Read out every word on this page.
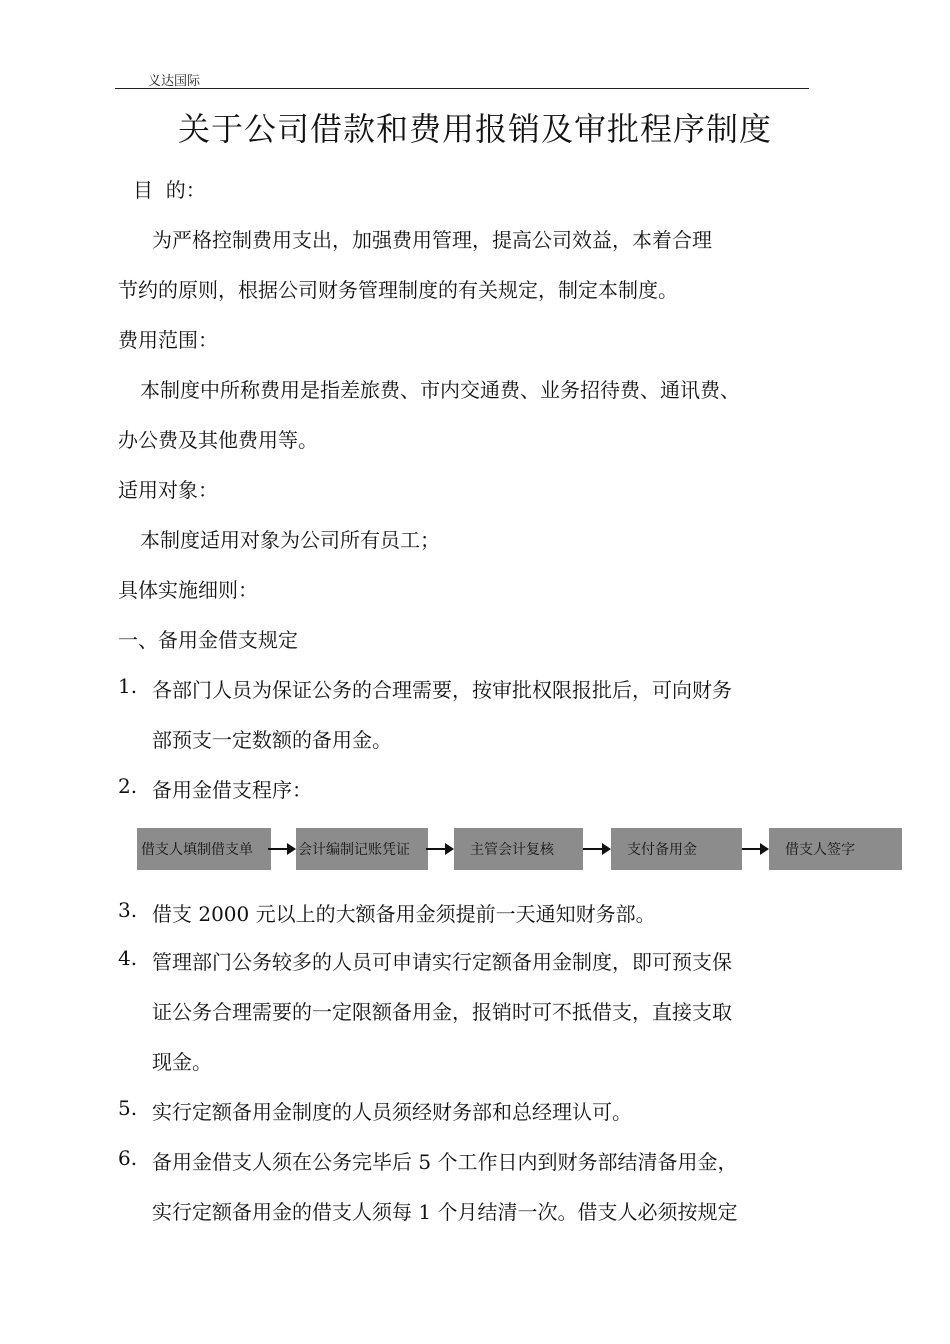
义达国际
关于公司借款和费用报销及审批程序制度
目  的：
为严格控制费用支出，加强费用管理，提高公司效益，本着合理
节约的原则，根据公司财务管理制度的有关规定，制定本制度。
费用范围：
本制度中所称费用是指差旅费、市内交通费、业务招待费、通讯费、
办公费及其他费用等。
适用对象：
本制度适用对象为公司所有员工；
具体实施细则：
一、备用金借支规定
1. 各部门人员为保证公务的合理需要，按审批权限报批后，可向财务
部预支一定数额的备用金。
2. 备用金借支程序：
借支人填制借支单	会计编制记账凭证	主管会计复核	支付备用金	借支人签字
3. 借支 2000 元以上的大额备用金须提前一天通知财务部。
4. 管理部门公务较多的人员可申请实行定额备用金制度，即可预支保
证公务合理需要的一定限额备用金，报销时可不抵借支，直接支取
现金。
5. 实行定额备用金制度的人员须经财务部和总经理认可。
6. 备用金借支人须在公务完毕后 5 个工作日内到财务部结清备用金，
实行定额备用金的借支人须每 1 个月结清一次。借支人必须按规定
